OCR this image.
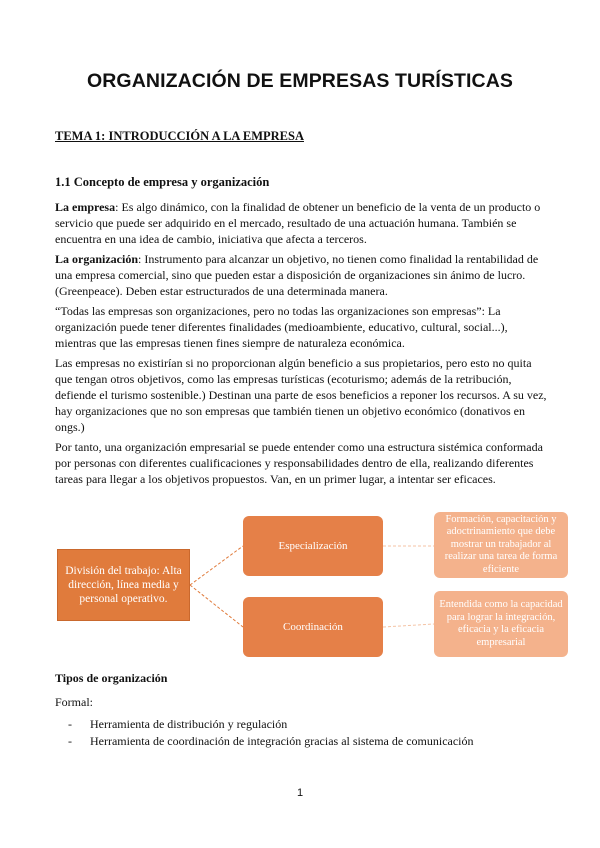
ORGANIZACIÓN DE EMPRESAS TURÍSTICAS
TEMA 1: INTRODUCCIÓN A LA EMPRESA
1.1 Concepto de empresa y organización

La empresa: Es algo dinámico, con la finalidad de obtener un beneficio de la venta de un producto o servicio que puede ser adquirido en el mercado, resultado de una actuación humana. También se encuentra en una idea de cambio, iniciativa que afecta a terceros.

La organización: Instrumento para alcanzar un objetivo, no tienen como finalidad la rentabilidad de una empresa comercial, sino que pueden estar a disposición de organizaciones sin ánimo de lucro. (Greenpeace). Deben estar estructurados de una determinada manera.

“Todas las empresas son organizaciones, pero no todas las organizaciones son empresas”: La organización puede tener diferentes finalidades (medioambiente, educativo, cultural, social...), mientras que las empresas tienen fines siempre de naturaleza económica.

Las empresas no existirían si no proporcionan algún beneficio a sus propietarios, pero esto no quita que tengan otros objetivos, como las empresas turísticas (ecoturismo; además de la retribución, defiende el turismo sostenible.) Destinan una parte de esos beneficios a reponer los recursos. A su vez, hay organizaciones que no son empresas que también tienen un objetivo económico (donativos en ongs.)

Por tanto, una organización empresarial se puede entender como una estructura sistémica conformada por personas con diferentes cualificaciones y responsabilidades dentro de ella, realizando diferentes tareas para llegar a los objetivos propuestos. Van, en un primer lugar, a intentar ser eficaces.

División del trabajo: Alta dirección, línea media y personal operativo.
Especialización
Coordinación
Formación, capacitación y adoctrinamiento que debe mostrar un trabajador al realizar una tarea de forma eficiente
Entendida como la capacidad para lograr la integración, eficacia y la eficacia empresarial
Tipos de organización
Formal:
- Herramienta de distribución y regulación
- Herramienta de coordinación de integración gracias al sistema de comunicación
1
